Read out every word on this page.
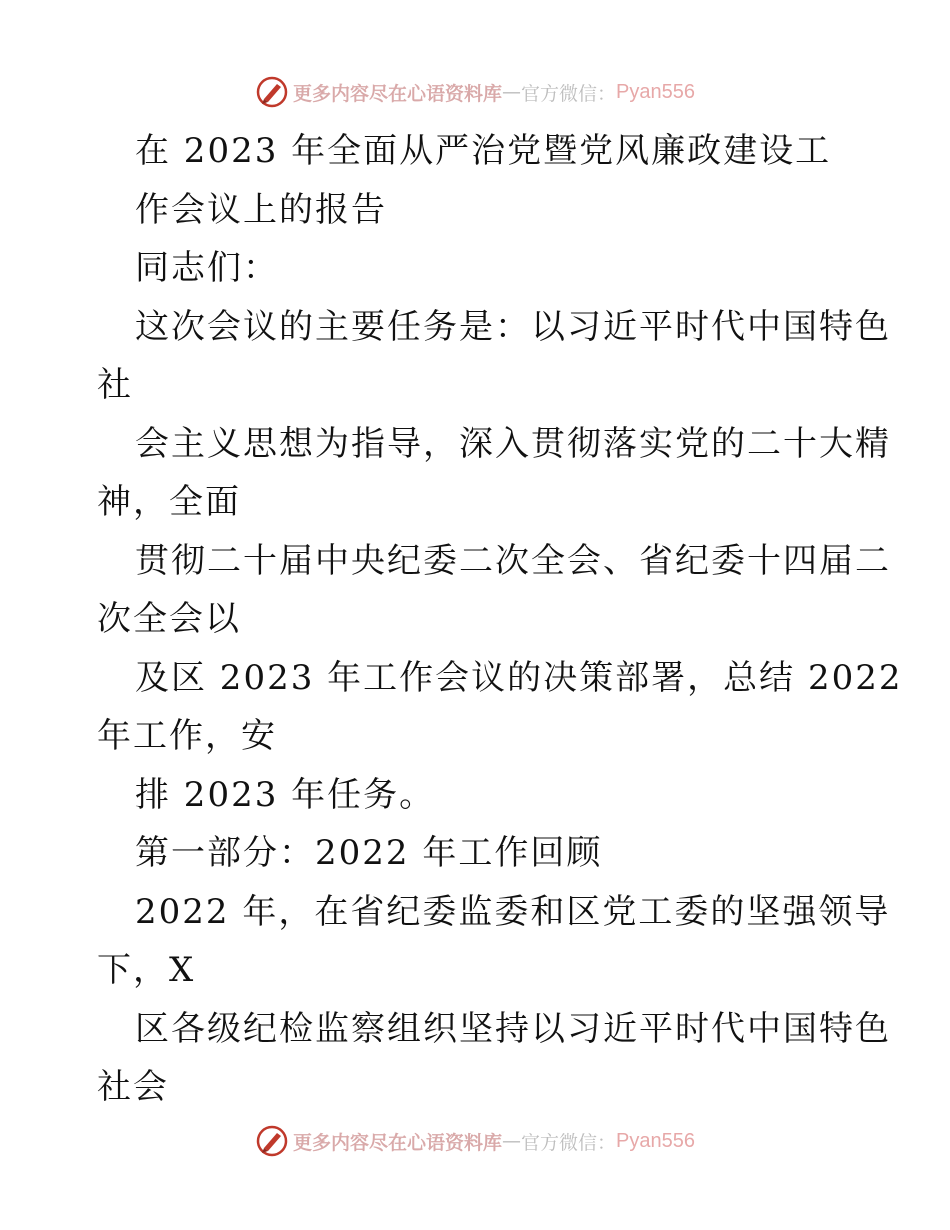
更多内容尽在心语资料库 — 官方微信： Pyan556
在 2023 年全面从严治党暨党风廉政建设工
作会议上的报告
同志们：
这次会议的主要任务是：以习近平时代中国特色
社
会主义思想为指导，深入贯彻落实党的二十大精
神，全面
贯彻二十届中央纪委二次全会、省纪委十四届二
次全会以
及区 2023 年工作会议的决策部署，总结 2022
年工作，安
排 2023 年任务。
第一部分：2022 年工作回顾
2022 年，在省纪委监委和区党工委的坚强领导
下，X
区各级纪检监察组织坚持以习近平时代中国特色
社会
更多内容尽在心语资料库 — 官方微信： Pyan556
